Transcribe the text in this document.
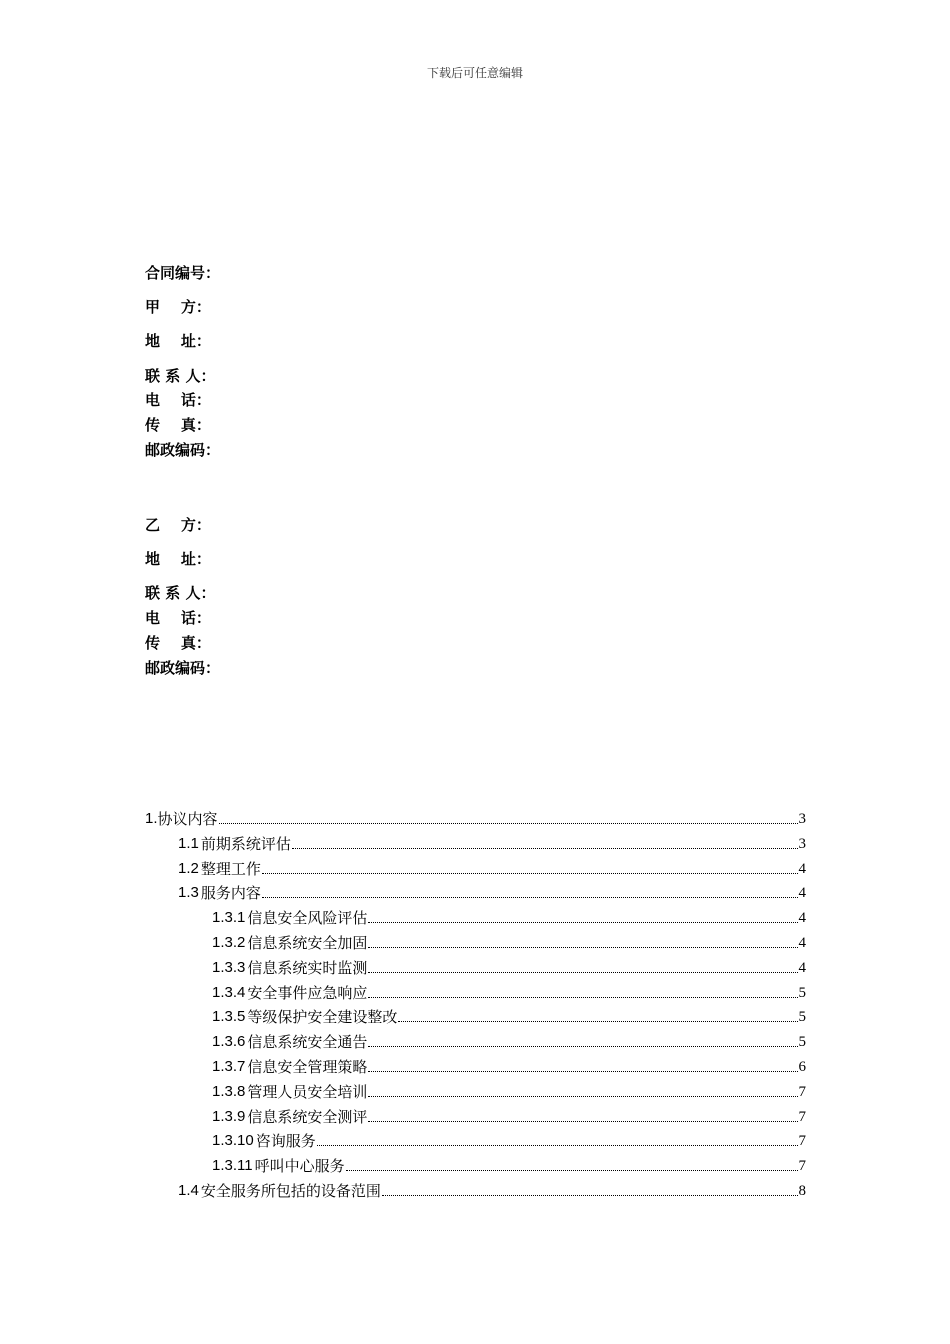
下载后可任意编辑
合同编号：
甲    方：
地    址：
联 系 人：
电    话：
传    真：
邮政编码：
乙    方：
地    址：
联 系 人：
电    话：
传    真：
邮政编码：
1. 协议内容	3
1.1 前期系统评估	3
1.2 整理工作	4
1.3 服务内容	4
1.3.1 信息安全风险评估	4
1.3.2 信息系统安全加固	4
1.3.3 信息系统实时监测	4
1.3.4 安全事件应急响应	5
1.3.5 等级保护安全建设整改	5
1.3.6 信息系统安全通告	5
1.3.7 信息安全管理策略	6
1.3.8 管理人员安全培训	7
1.3.9 信息系统安全测评	7
1.3.10 咨询服务	7
1.3.11 呼叫中心服务	7
1.4 安全服务所包括的设备范围	8
